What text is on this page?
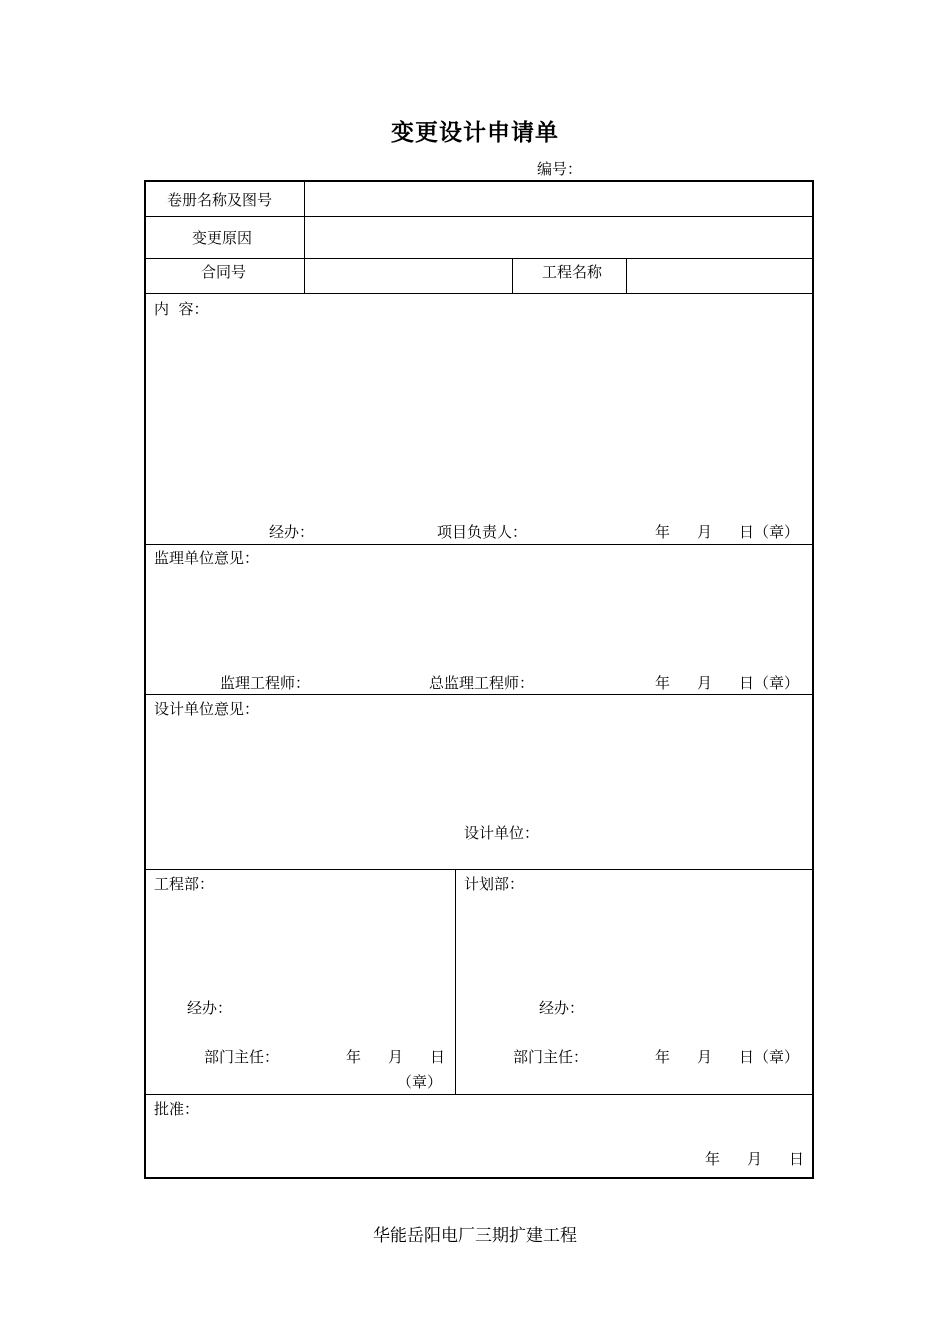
变更设计申请单
编号：
卷册名称及图号
变更原因
合同号	工程名称
内  容：
经办：	项目负责人：	年 月 日（章）
监理单位意见：
监理工程师：	总监理工程师：	年 月 日（章）
设计单位意见：
设计单位：
工程部：
经办：
部门主任：	年 月 日
（章）
计划部：
经办：
部门主任：	年 月 日（章）
批准：
年 月 日
华能岳阳电厂三期扩建工程
